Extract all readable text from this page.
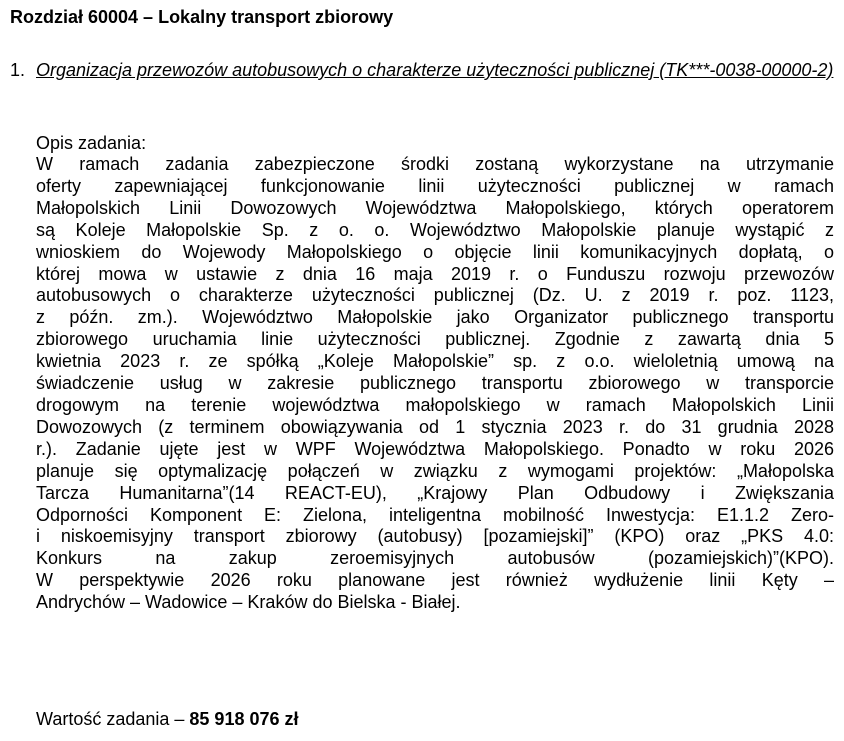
Rozdział 60004 – Lokalny transport zbiorowy
1. Organizacja przewozów autobusowych o charakterze użyteczności publicznej (TK***-0038-00000-2)
Opis zadania:
W ramach zadania zabezpieczone środki zostaną wykorzystane na utrzymanie
oferty zapewniającej funkcjonowanie linii użyteczności publicznej w ramach
Małopolskich Linii Dowozowych Województwa Małopolskiego, których operatorem
są Koleje Małopolskie Sp. z o. o. Województwo Małopolskie planuje wystąpić z
wnioskiem do Wojewody Małopolskiego o objęcie linii komunikacyjnych dopłatą, o
której mowa w ustawie z dnia 16 maja 2019 r. o Funduszu rozwoju przewozów
autobusowych o charakterze użyteczności publicznej (Dz. U. z 2019 r. poz. 1123,
z późn. zm.). Województwo Małopolskie jako Organizator publicznego transportu
zbiorowego uruchamia linie użyteczności publicznej. Zgodnie z zawartą dnia 5
kwietnia 2023 r. ze spółką „Koleje Małopolskie” sp. z o.o. wieloletnią umową na
świadczenie usług w zakresie publicznego transportu zbiorowego w transporcie
drogowym na terenie województwa małopolskiego w ramach Małopolskich Linii
Dowozowych (z terminem obowiązywania od 1 stycznia 2023 r. do 31 grudnia 2028
r.). Zadanie ujęte jest w WPF Województwa Małopolskiego. Ponadto w roku 2026
planuje się optymalizację połączeń w związku z wymogami projektów: „Małopolska
Tarcza Humanitarna”(14 REACT-EU), „Krajowy Plan Odbudowy i Zwiększania
Odporności Komponent E: Zielona, inteligentna mobilność Inwestycja: E1.1.2 Zero-
i niskoemisyjny transport zbiorowy (autobusy) [pozamiejski]” (KPO) oraz „PKS 4.0:
Konkurs na zakup zeroemisyjnych autobusów (pozamiejskich)”(KPO).
W perspektywie 2026 roku planowane jest również wydłużenie linii Kęty –
Andrychów – Wadowice – Kraków do Bielska - Białej.
Wartość zadania – 85 918 076 zł
